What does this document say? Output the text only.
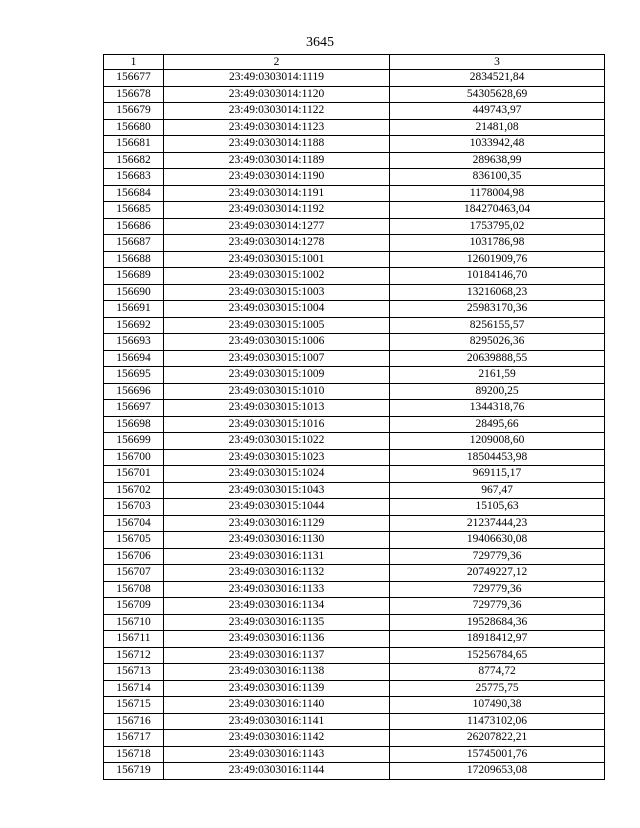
3645
1	2	3
156677	23:49:0303014:1119	2834521,84
156678	23:49:0303014:1120	54305628,69
156679	23:49:0303014:1122	449743,97
156680	23:49:0303014:1123	21481,08
156681	23:49:0303014:1188	1033942,48
156682	23:49:0303014:1189	289638,99
156683	23:49:0303014:1190	836100,35
156684	23:49:0303014:1191	1178004,98
156685	23:49:0303014:1192	184270463,04
156686	23:49:0303014:1277	1753795,02
156687	23:49:0303014:1278	1031786,98
156688	23:49:0303015:1001	12601909,76
156689	23:49:0303015:1002	10184146,70
156690	23:49:0303015:1003	13216068,23
156691	23:49:0303015:1004	25983170,36
156692	23:49:0303015:1005	8256155,57
156693	23:49:0303015:1006	8295026,36
156694	23:49:0303015:1007	20639888,55
156695	23:49:0303015:1009	2161,59
156696	23:49:0303015:1010	89200,25
156697	23:49:0303015:1013	1344318,76
156698	23:49:0303015:1016	28495,66
156699	23:49:0303015:1022	1209008,60
156700	23:49:0303015:1023	18504453,98
156701	23:49:0303015:1024	969115,17
156702	23:49:0303015:1043	967,47
156703	23:49:0303015:1044	15105,63
156704	23:49:0303016:1129	21237444,23
156705	23:49:0303016:1130	19406630,08
156706	23:49:0303016:1131	729779,36
156707	23:49:0303016:1132	20749227,12
156708	23:49:0303016:1133	729779,36
156709	23:49:0303016:1134	729779,36
156710	23:49:0303016:1135	19528684,36
156711	23:49:0303016:1136	18918412,97
156712	23:49:0303016:1137	15256784,65
156713	23:49:0303016:1138	8774,72
156714	23:49:0303016:1139	25775,75
156715	23:49:0303016:1140	107490,38
156716	23:49:0303016:1141	11473102,06
156717	23:49:0303016:1142	26207822,21
156718	23:49:0303016:1143	15745001,76
156719	23:49:0303016:1144	17209653,08
